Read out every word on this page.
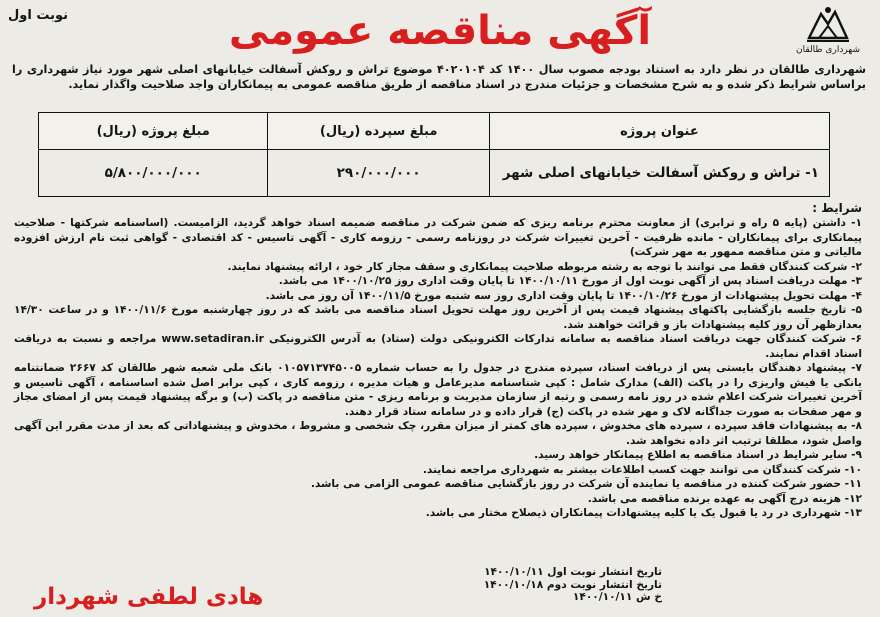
شهرداری طالقان
نوبت اول	آگهی مناقصه عمومی
شهرداری طالقان در نظر دارد به استناد بودجه مصوب سال ۱۴۰۰ کد ۴۰۲۰۱۰۴ موضوع تراش و روکش آسفالت خیابانهای اصلی شهر مورد نیاز شهرداری را براساس شرایط ذکر شده و به شرح مشخصات و جزئیات مندرج در اسناد مناقصه از طریق مناقصه عمومی به پیمانکاران واجد صلاحیت واگذار نماید.
عنوان پروژه	مبلغ سپرده (ریال)	مبلغ پروژه (ریال)
۱- تراش و روکش آسفالت خیابانهای اصلی شهر	۲۹۰/۰۰۰/۰۰۰	۵/۸۰۰/۰۰۰/۰۰۰
شرایط :

۱- داشتن (پایه ۵ راه و ترابری) از معاونت محترم برنامه ریزی که ضمن شرکت در مناقصه ضمیمه اسناد خواهد گردید، الزامیست. (اساسنامه شرکتها - صلاحیت پیمانکاری برای پیمانکاران - مانده ظرفیت - آخرین تغییرات شرکت در روزنامه رسمی - رزومه کاری - آگهی تاسیس - کد اقتصادی - گواهی ثبت نام ارزش افزوده مالیاتی و متن مناقصه ممهور به مهر شرکت)

۲- شرکت کنندگان فقط می توانند با توجه به رشته مربوطه صلاحیت پیمانکاری و سقف مجاز کار خود ، ارائه پیشنهاد نمایند.

۳- مهلت دریافت اسناد پس از آگهی نوبت اول از مورخ ۱۴۰۰/۱۰/۱۱ تا پایان وقت اداری روز ۱۴۰۰/۱۰/۲۵ می باشد.

۴- مهلت تحویل پیشنهادات از مورخ ۱۴۰۰/۱۰/۲۶ تا پایان وقت اداری روز سه شنبه مورخ ۱۴۰۰/۱۱/۵ آن روز می باشد.

۵- تاریخ جلسه بازگشایی پاکتهای پیشنهاد قیمت پس از آخرین روز مهلت تحویل اسناد مناقصه می باشد که در روز چهارشنبه مورخ ۱۴۰۰/۱۱/۶ و در ساعت ۱۴/۳۰ بعدازظهر آن روز کلیه پیشنهادات باز و قرائت خواهند شد.

۶- شرکت کنندگان جهت دریافت اسناد مناقصه به سامانه تدارکات الکترونیکی دولت (ستاد) به آدرس الکترونیکی www.setadiran.ir مراجعه و نسبت به دریافت اسناد اقدام نمایند.

۷- پیشنهاد دهندگان بایستی پس از دریافت اسناد، سپرده مندرج در جدول را به حساب شماره ۰۱۰۵۷۱۳۷۴۵۰۰۵ بانک ملی شعبه شهر طالقان کد ۲۶۶۷ ضمانتنامه بانکی یا فیش واریزی را در پاکت (الف) مدارک شامل : کپی شناسنامه مدیرعامل و هیات مدیره ، رزومه کاری ، کپی برابر اصل شده اساسنامه ، آگهی تاسیس و آخرین تغییرات شرکت اعلام شده در روز نامه رسمی و رتبه از سازمان مدیریت و برنامه ریزی - متن مناقصه در پاکت (ب) و برگه پیشنهاد قیمت پس از امضای مجاز و مهر صفحات به صورت جداگانه لاک و مهر شده در پاکت (ج) قرار داده و در سامانه ستاد قرار دهند.

۸- به پیشنهادات فاقد سپرده ، سپرده های مخدوش ، سپرده های کمتر از میزان مقرر، چک شخصی و مشروط ، مخدوش و پیشنهاداتی که بعد از مدت مقرر این آگهی واصل شود، مطلقا ترتیب اثر داده نخواهد شد.

۹- سایر شرایط در اسناد مناقصه به اطلاع پیمانکار خواهد رسید.

۱۰- شرکت کنندگان می توانند جهت کسب اطلاعات بیشتر به شهرداری مراجعه نمایند.

۱۱- حضور شرکت کننده در مناقصه یا نماینده آن شرکت در روز بازگشایی مناقصه عمومی الزامی می باشد.

۱۲- هزینه درج آگهی به عهده برنده مناقصه می باشد.

۱۳- شهرداری در رد یا قبول یک یا کلیه پیشنهادات پیمانکاران ذیصلاح مختار می باشد.

تاریخ انتشار نوبت اول ۱۴۰۰/۱۰/۱۱
تاریخ انتشار نوبت دوم ۱۴۰۰/۱۰/۱۸
خ ش ۱۴۰۰/۱۰/۱۱
هادی لطفی شهردار
